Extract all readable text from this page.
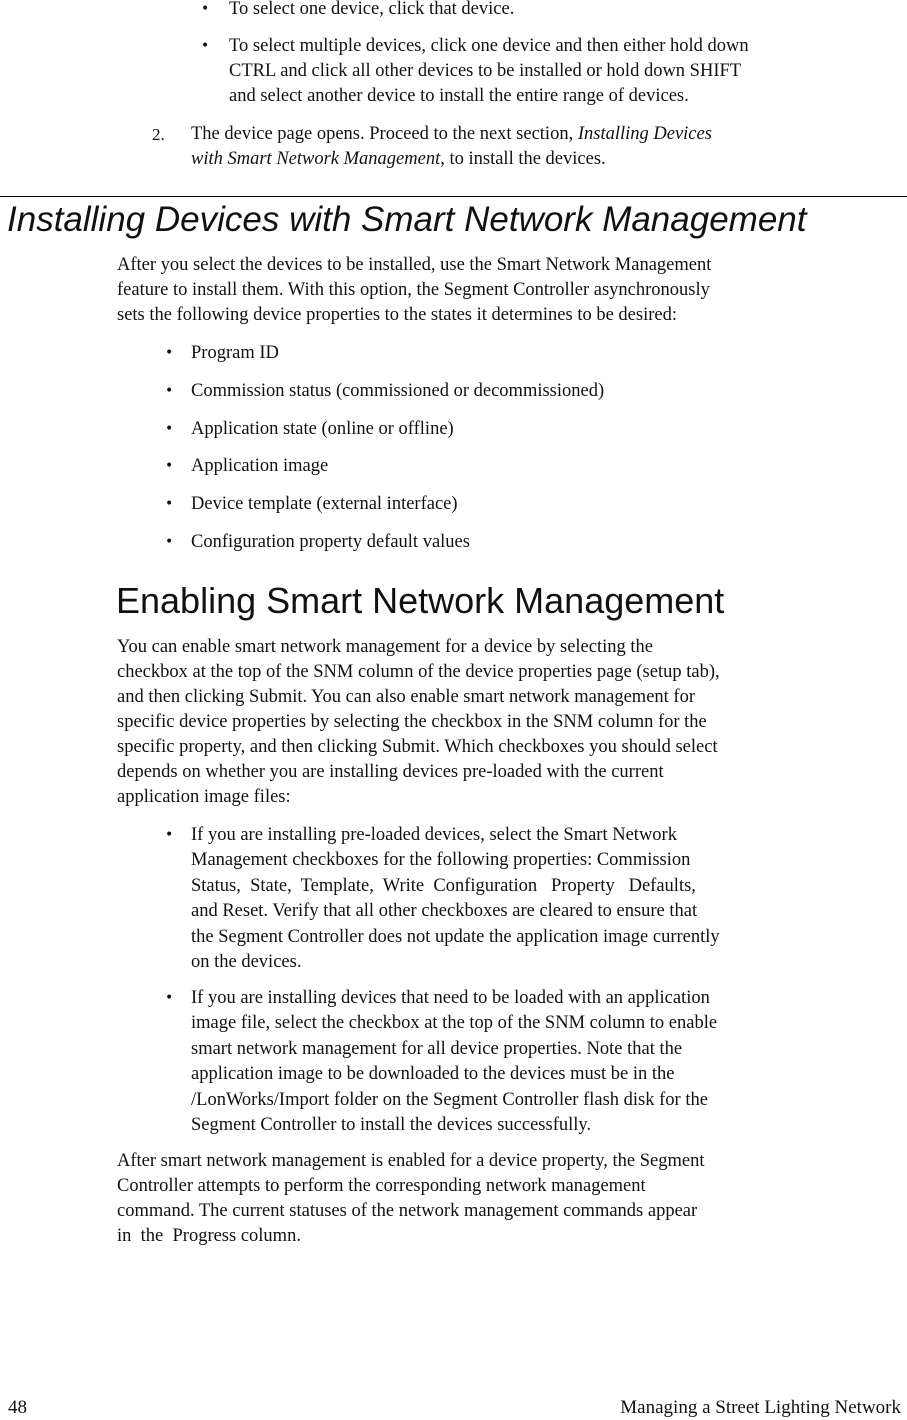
Installing Devices with Smart Network Management
Enabling Smart Network Management
2. The device page opens. Proceed to the next section, Installing Devices
with Smart Network Management, to install the devices.
48	Managing a Street Lighting Network
• To select one device, click that device.
• To select multiple devices, click one device and then either hold down
CTRL and click all other devices to be installed or hold down SHIFT
and select another device to install the entire range of devices.
After you select the devices to be installed, use the Smart Network Management
feature to install them. With this option, the Segment Controller asynchronously
sets the following device properties to the states it determines to be desired:
• Program ID
• Commission status (commissioned or decommissioned)
• Application state (online or offline)
• Application image
• Device template (external interface)
• Configuration property default values
You can enable smart network management for a device by selecting the
checkbox at the top of the SNM column of the device properties page (setup tab),
and then clicking Submit. You can also enable smart network management for
specific device properties by selecting the checkbox in the SNM column for the
specific property, and then clicking Submit. Which checkboxes you should select
depends on whether you are installing devices pre-loaded with the current
application image files:
• If you are installing pre-loaded devices, select the Smart Network
Management checkboxes for the following properties: Commission
Status,  State,  Template,  Write  Configuration   Property   Defaults,
and Reset. Verify that all other checkboxes are cleared to ensure that
the Segment Controller does not update the application image currently
on the devices.
• If you are installing devices that need to be loaded with an application
image file, select the checkbox at the top of the SNM column to enable
smart network management for all device properties. Note that the
application image to be downloaded to the devices must be in the
/LonWorks/Import folder on the Segment Controller flash disk for the
Segment Controller to install the devices successfully.
After smart network management is enabled for a device property, the Segment
Controller attempts to perform the corresponding network management
command. The current statuses of the network management commands appear
in  the  Progress column.
